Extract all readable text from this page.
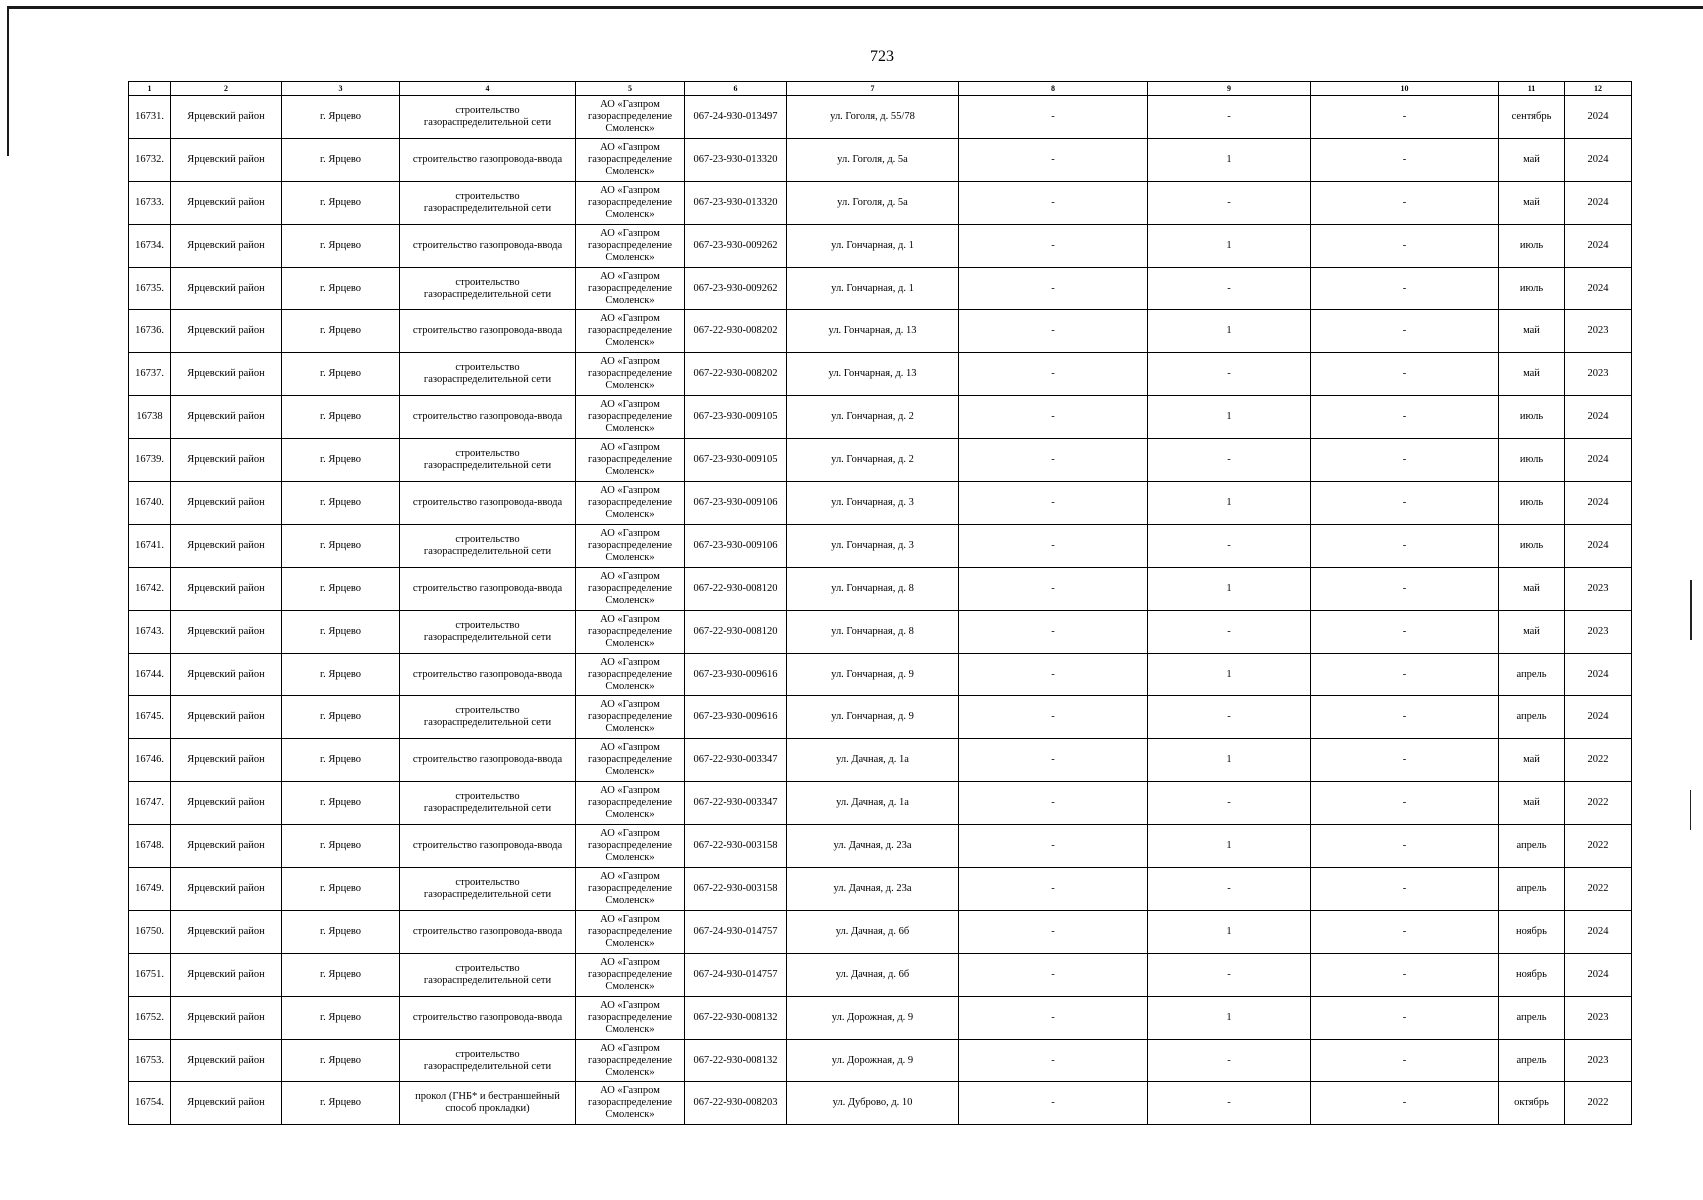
723
1	2	3	4	5	6	7	8	9	10	11	12
16731.	Ярцевский район	г. Ярцево	строительство газораспределительной сети	АО «Газпром газораспределение Смоленск»	067-24-930-013497	ул. Гоголя, д. 55/78	-	-	-	сентябрь	2024
16732.	Ярцевский район	г. Ярцево	строительство газопровода-ввода	АО «Газпром газораспределение Смоленск»	067-23-930-013320	ул. Гоголя, д. 5а	-	1	-	май	2024
16733.	Ярцевский район	г. Ярцево	строительство газораспределительной сети	АО «Газпром газораспределение Смоленск»	067-23-930-013320	ул. Гоголя, д. 5а	-	-	-	май	2024
16734.	Ярцевский район	г. Ярцево	строительство газопровода-ввода	АО «Газпром газораспределение Смоленск»	067-23-930-009262	ул. Гончарная, д. 1	-	1	-	июль	2024
16735.	Ярцевский район	г. Ярцево	строительство газораспределительной сети	АО «Газпром газораспределение Смоленск»	067-23-930-009262	ул. Гончарная, д. 1	-	-	-	июль	2024
16736.	Ярцевский район	г. Ярцево	строительство газопровода-ввода	АО «Газпром газораспределение Смоленск»	067-22-930-008202	ул. Гончарная, д. 13	-	1	-	май	2023
16737.	Ярцевский район	г. Ярцево	строительство газораспределительной сети	АО «Газпром газораспределение Смоленск»	067-22-930-008202	ул. Гончарная, д. 13	-	-	-	май	2023
16738	Ярцевский район	г. Ярцево	строительство газопровода-ввода	АО «Газпром газораспределение Смоленск»	067-23-930-009105	ул. Гончарная, д. 2	-	1	-	июль	2024
16739.	Ярцевский район	г. Ярцево	строительство газораспределительной сети	АО «Газпром газораспределение Смоленск»	067-23-930-009105	ул. Гончарная, д. 2	-	-	-	июль	2024
16740.	Ярцевский район	г. Ярцево	строительство газопровода-ввода	АО «Газпром газораспределение Смоленск»	067-23-930-009106	ул. Гончарная, д. 3	-	1	-	июль	2024
16741.	Ярцевский район	г. Ярцево	строительство газораспределительной сети	АО «Газпром газораспределение Смоленск»	067-23-930-009106	ул. Гончарная, д. 3	-	-	-	июль	2024
16742.	Ярцевский район	г. Ярцево	строительство газопровода-ввода	АО «Газпром газораспределение Смоленск»	067-22-930-008120	ул. Гончарная, д. 8	-	1	-	май	2023
16743.	Ярцевский район	г. Ярцево	строительство газораспределительной сети	АО «Газпром газораспределение Смоленск»	067-22-930-008120	ул. Гончарная, д. 8	-	-	-	май	2023
16744.	Ярцевский район	г. Ярцево	строительство газопровода-ввода	АО «Газпром газораспределение Смоленск»	067-23-930-009616	ул. Гончарная, д. 9	-	1	-	апрель	2024
16745.	Ярцевский район	г. Ярцево	строительство газораспределительной сети	АО «Газпром газораспределение Смоленск»	067-23-930-009616	ул. Гончарная, д. 9	-	-	-	апрель	2024
16746.	Ярцевский район	г. Ярцево	строительство газопровода-ввода	АО «Газпром газораспределение Смоленск»	067-22-930-003347	ул. Дачная, д. 1а	-	1	-	май	2022
16747.	Ярцевский район	г. Ярцево	строительство газораспределительной сети	АО «Газпром газораспределение Смоленск»	067-22-930-003347	ул. Дачная, д. 1а	-	-	-	май	2022
16748.	Ярцевский район	г. Ярцево	строительство газопровода-ввода	АО «Газпром газораспределение Смоленск»	067-22-930-003158	ул. Дачная, д. 23а	-	1	-	апрель	2022
16749.	Ярцевский район	г. Ярцево	строительство газораспределительной сети	АО «Газпром газораспределение Смоленск»	067-22-930-003158	ул. Дачная, д. 23а	-	-	-	апрель	2022
16750.	Ярцевский район	г. Ярцево	строительство газопровода-ввода	АО «Газпром газораспределение Смоленск»	067-24-930-014757	ул. Дачная, д. 6б	-	1	-	ноябрь	2024
16751.	Ярцевский район	г. Ярцево	строительство газораспределительной сети	АО «Газпром газораспределение Смоленск»	067-24-930-014757	ул. Дачная, д. 6б	-	-	-	ноябрь	2024
16752.	Ярцевский район	г. Ярцево	строительство газопровода-ввода	АО «Газпром газораспределение Смоленск»	067-22-930-008132	ул. Дорожная, д. 9	-	1	-	апрель	2023
16753.	Ярцевский район	г. Ярцево	строительство газораспределительной сети	АО «Газпром газораспределение Смоленск»	067-22-930-008132	ул. Дорожная, д. 9	-	-	-	апрель	2023
16754.	Ярцевский район	г. Ярцево	прокол (ГНБ* и бестраншейный способ прокладки)	АО «Газпром газораспределение Смоленск»	067-22-930-008203	ул. Дуброво, д. 10	-	-	-	октябрь	2022
